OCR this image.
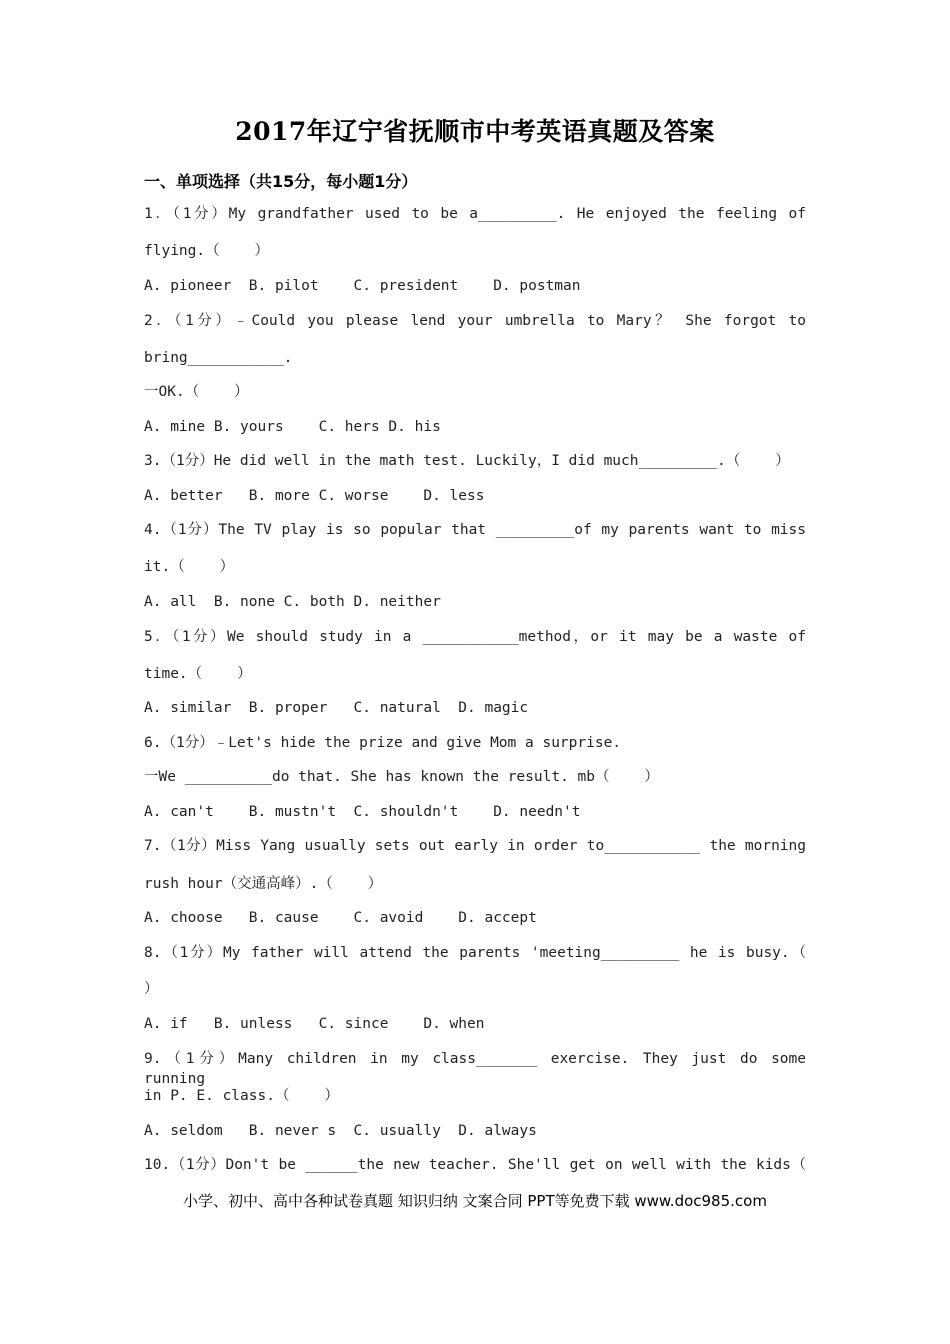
2017年辽宁省抚顺市中考英语真题及答案
一、单项选择（共15分，每小题1分）
1．（1分）My grandfather used to be a_________. He enjoyed the feeling of
flying.（    ）
A. pioneer  B. pilot    C. president    D. postman
2．（1分）﹣Could you please lend your umbrella to Mary？ She forgot to
bring___________.
一OK.（    ）
A. mine B. yours    C. hers D. his
3.（1分）He did well in the math test. Luckily，I did much_________.（    ）
A. better   B. more C. worse    D. less
4.（1分）The TV play is so popular that _________of my parents want to miss
it.（    ）
A. all  B. none C. both D. neither
5．（1分）We should study in a ___________method，or it may be a waste of
time.（    ）
A. similar  B. proper   C. natural  D. magic
6.（1分）﹣Let's hide the prize and give Mom a surprise.
一We __________do that. She has known the result. mb（    ）
A. can't    B. mustn't  C. shouldn't    D. needn't
7.（1分）Miss Yang usually sets out early in order to___________ the morning
rush hour（交通高峰）.（    ）
A. choose   B. cause    C. avoid    D. accept
8.（1分）My father will attend the parents 'meeting_________ he is busy.（
）
A. if   B. unless   C. since    D. when
9.（1分）Many children in my class_______ exercise. They just do some running
in P. E. class.（    ）
A. seldom   B. never s  C. usually  D. always
10.（1分）Don't be ______the new teacher. She'll get on well with the kids（
小学、初中、高中各种试卷真题 知识归纳 文案合同 PPT等免费下载 www.doc985.com
